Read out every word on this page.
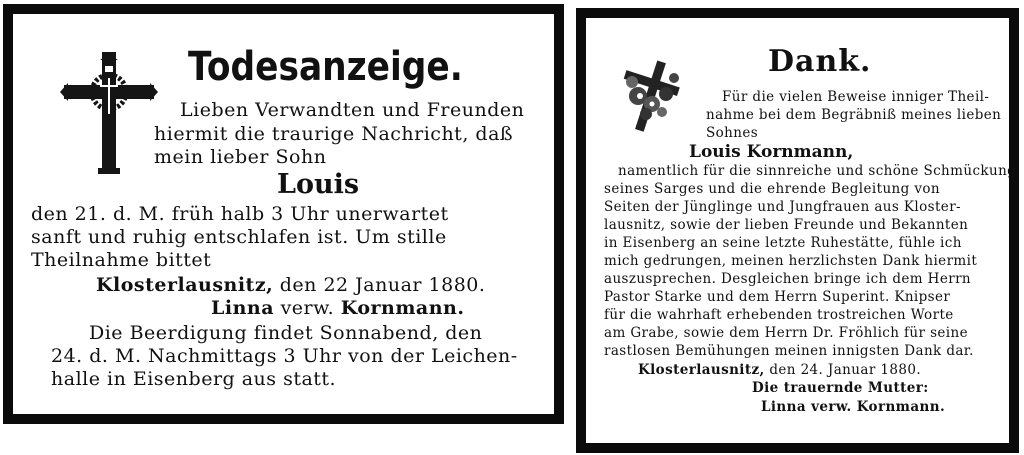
Todesanzeige.
Lieben Verwandten und Freunden
hiermit die traurige Nachricht, daß
mein lieber Sohn
Louis
den 21. d. M. früh halb 3 Uhr unerwartet
sanft und ruhig entschlafen ist. Um stille
Theilnahme bittet
Klosterlausnitz, den 22 Januar 1880.
Linna verw. Kornmann.
Die Beerdigung findet Sonnabend, den
24. d. M. Nachmittags 3 Uhr von der Leichen-
halle in Eisenberg aus statt.
Dank.
Für die vielen Beweise inniger Theil-
nahme bei dem Begräbniß meines lieben
Sohnes
Louis Kornmann,
namentlich für die sinnreiche und schöne Schmückung
seines Sarges und die ehrende Begleitung von
Seiten der Jünglinge und Jungfrauen aus Kloster-
lausnitz, sowie der lieben Freunde und Bekannten
in Eisenberg an seine letzte Ruhestätte, fühle ich
mich gedrungen, meinen herzlichsten Dank hiermit
auszusprechen. Desgleichen bringe ich dem Herrn
Pastor Starke und dem Herrn Superint. Knipser
für die wahrhaft erhebenden trostreichen Worte
am Grabe, sowie dem Herrn Dr. Fröhlich für seine
rastlosen Bemühungen meinen innigsten Dank dar.
Klosterlausnitz, den 24. Januar 1880.
Die trauernde Mutter:
Linna verw. Kornmann.
